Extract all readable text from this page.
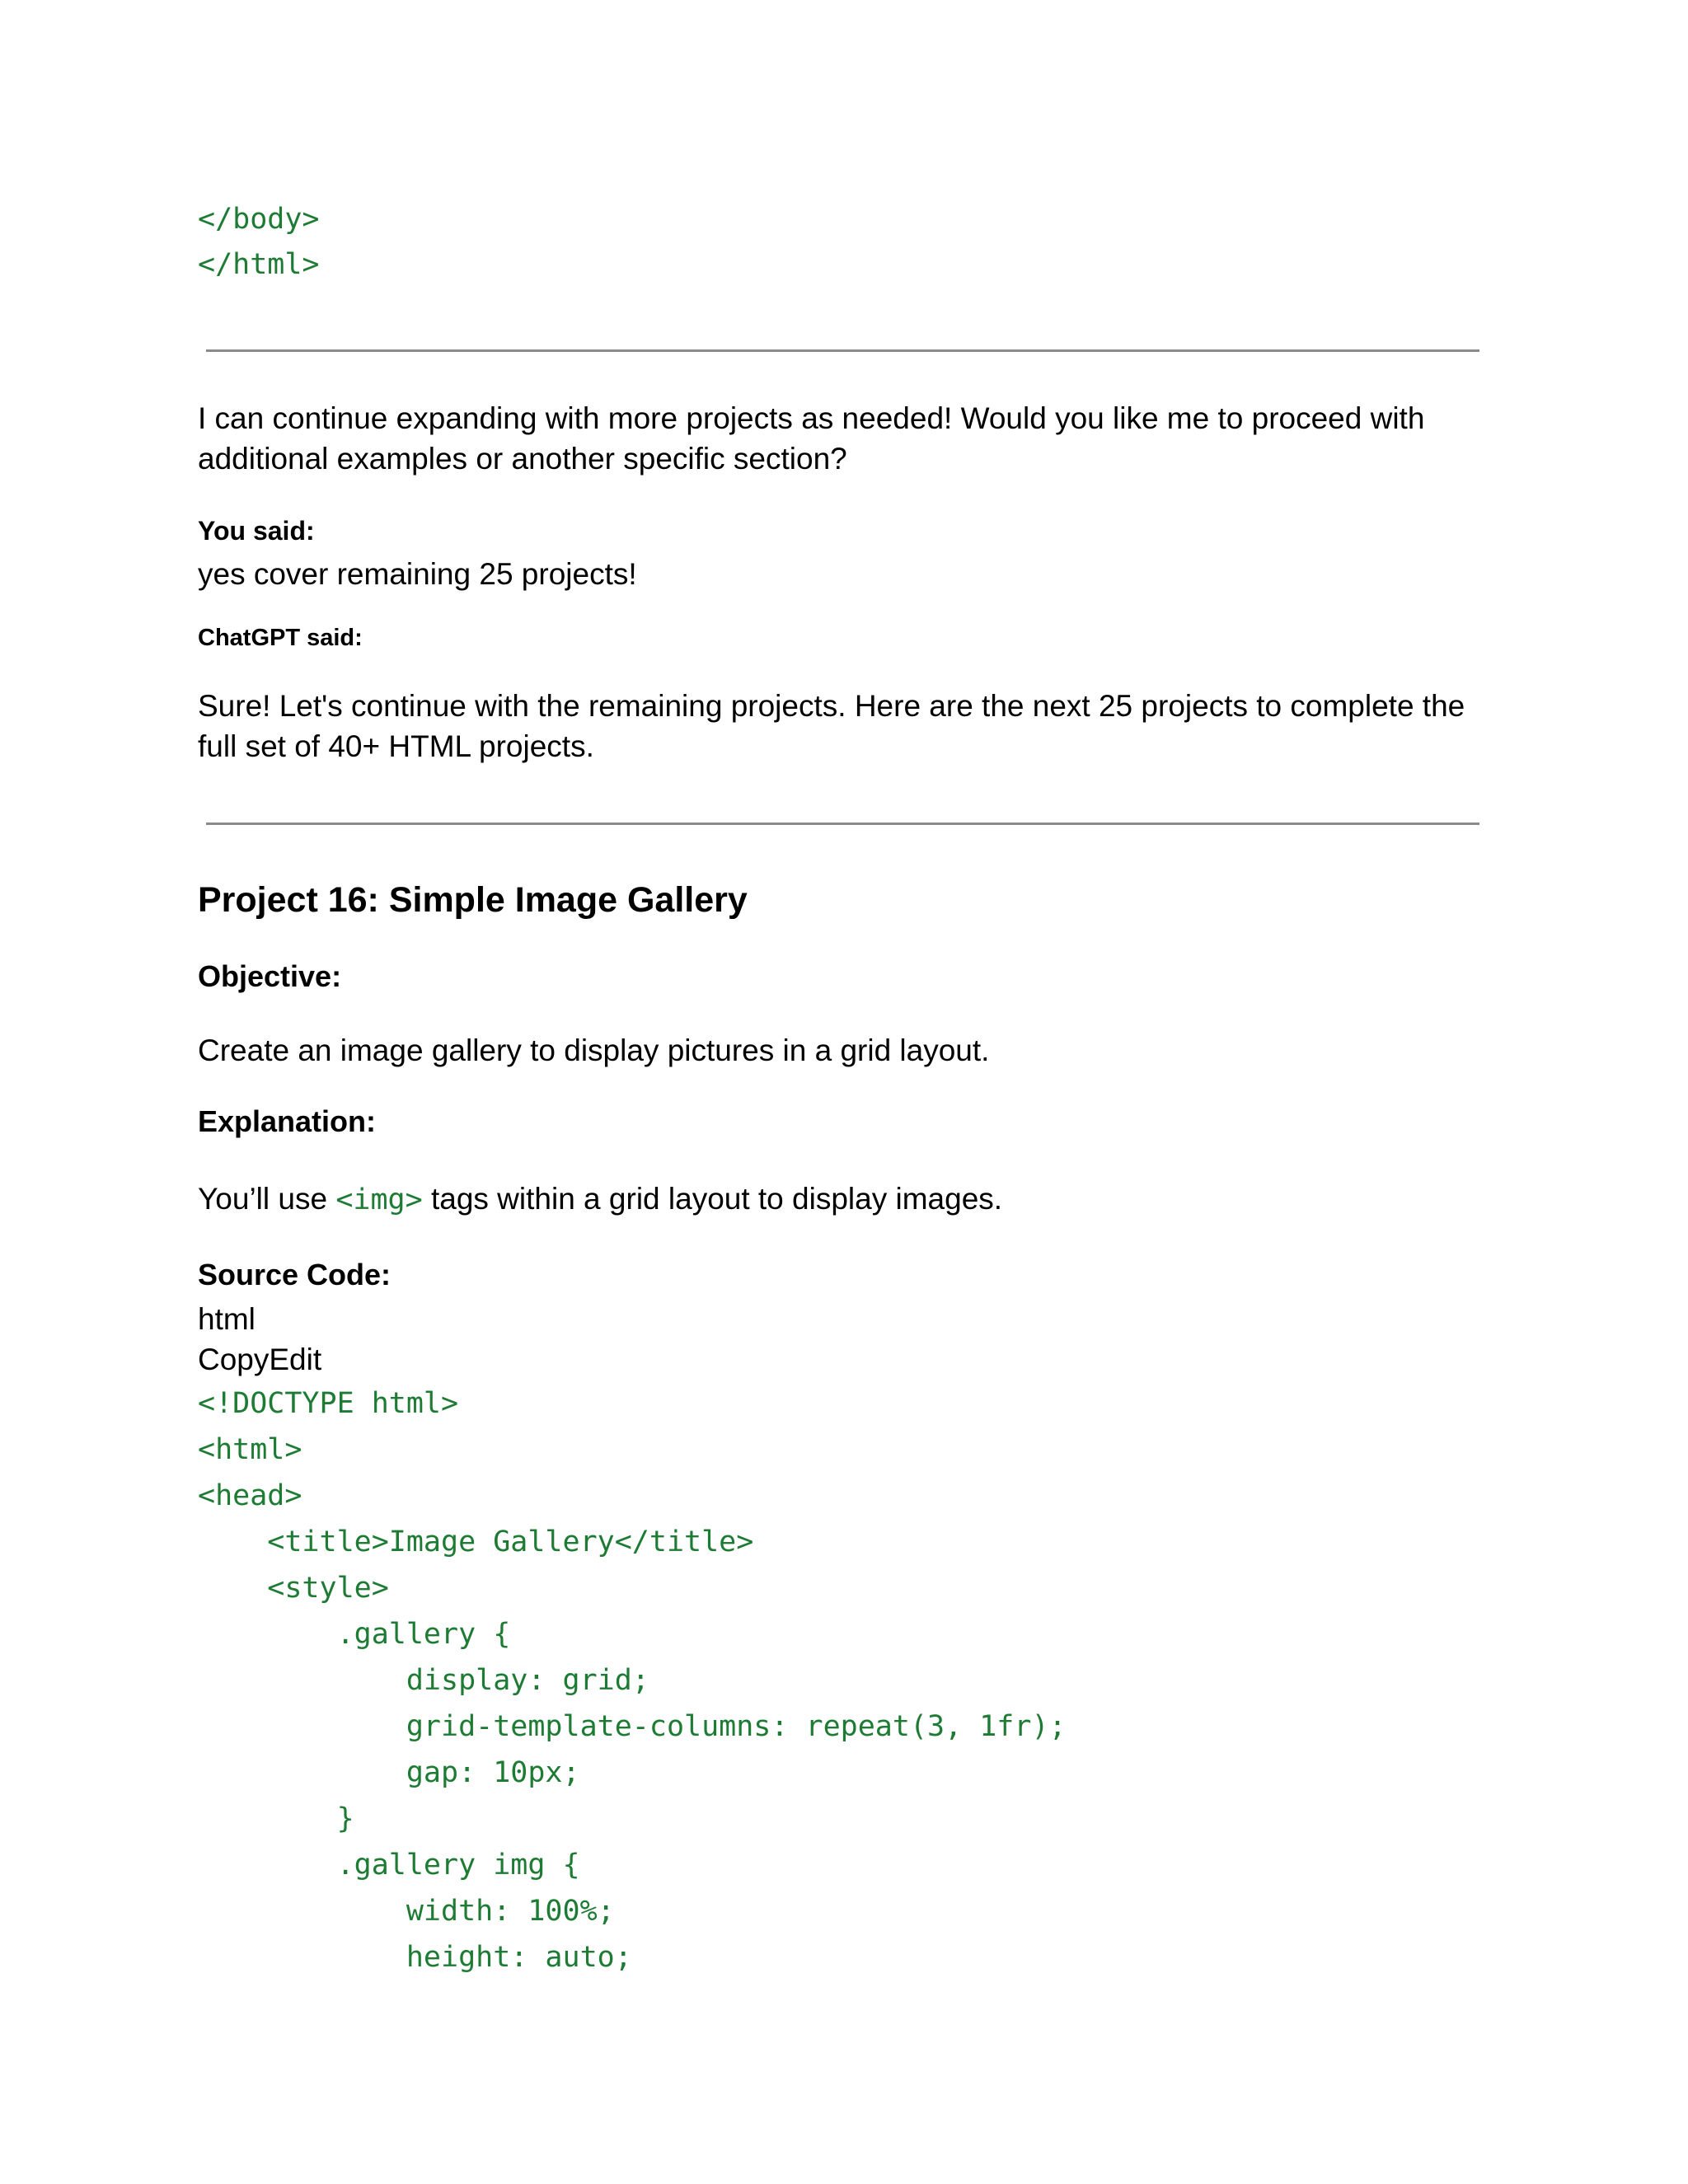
</body>
</html>
I can continue expanding with more projects as needed! Would you like me to proceed with
additional examples or another specific section?
You said:
yes cover remaining 25 projects!
ChatGPT said:
Sure! Let's continue with the remaining projects. Here are the next 25 projects to complete the
full set of 40+ HTML projects.
Project 16: Simple Image Gallery
Objective:
Create an image gallery to display pictures in a grid layout.
Explanation:
You’ll use <img> tags within a grid layout to display images.
Source Code:
html
CopyEdit
<!DOCTYPE html>
<html>
<head>
<title>Image Gallery</title>
<style>
.gallery {
display: grid;
grid-template-columns: repeat(3, 1fr);
gap: 10px;
}
.gallery img {
width: 100%;
height: auto;
